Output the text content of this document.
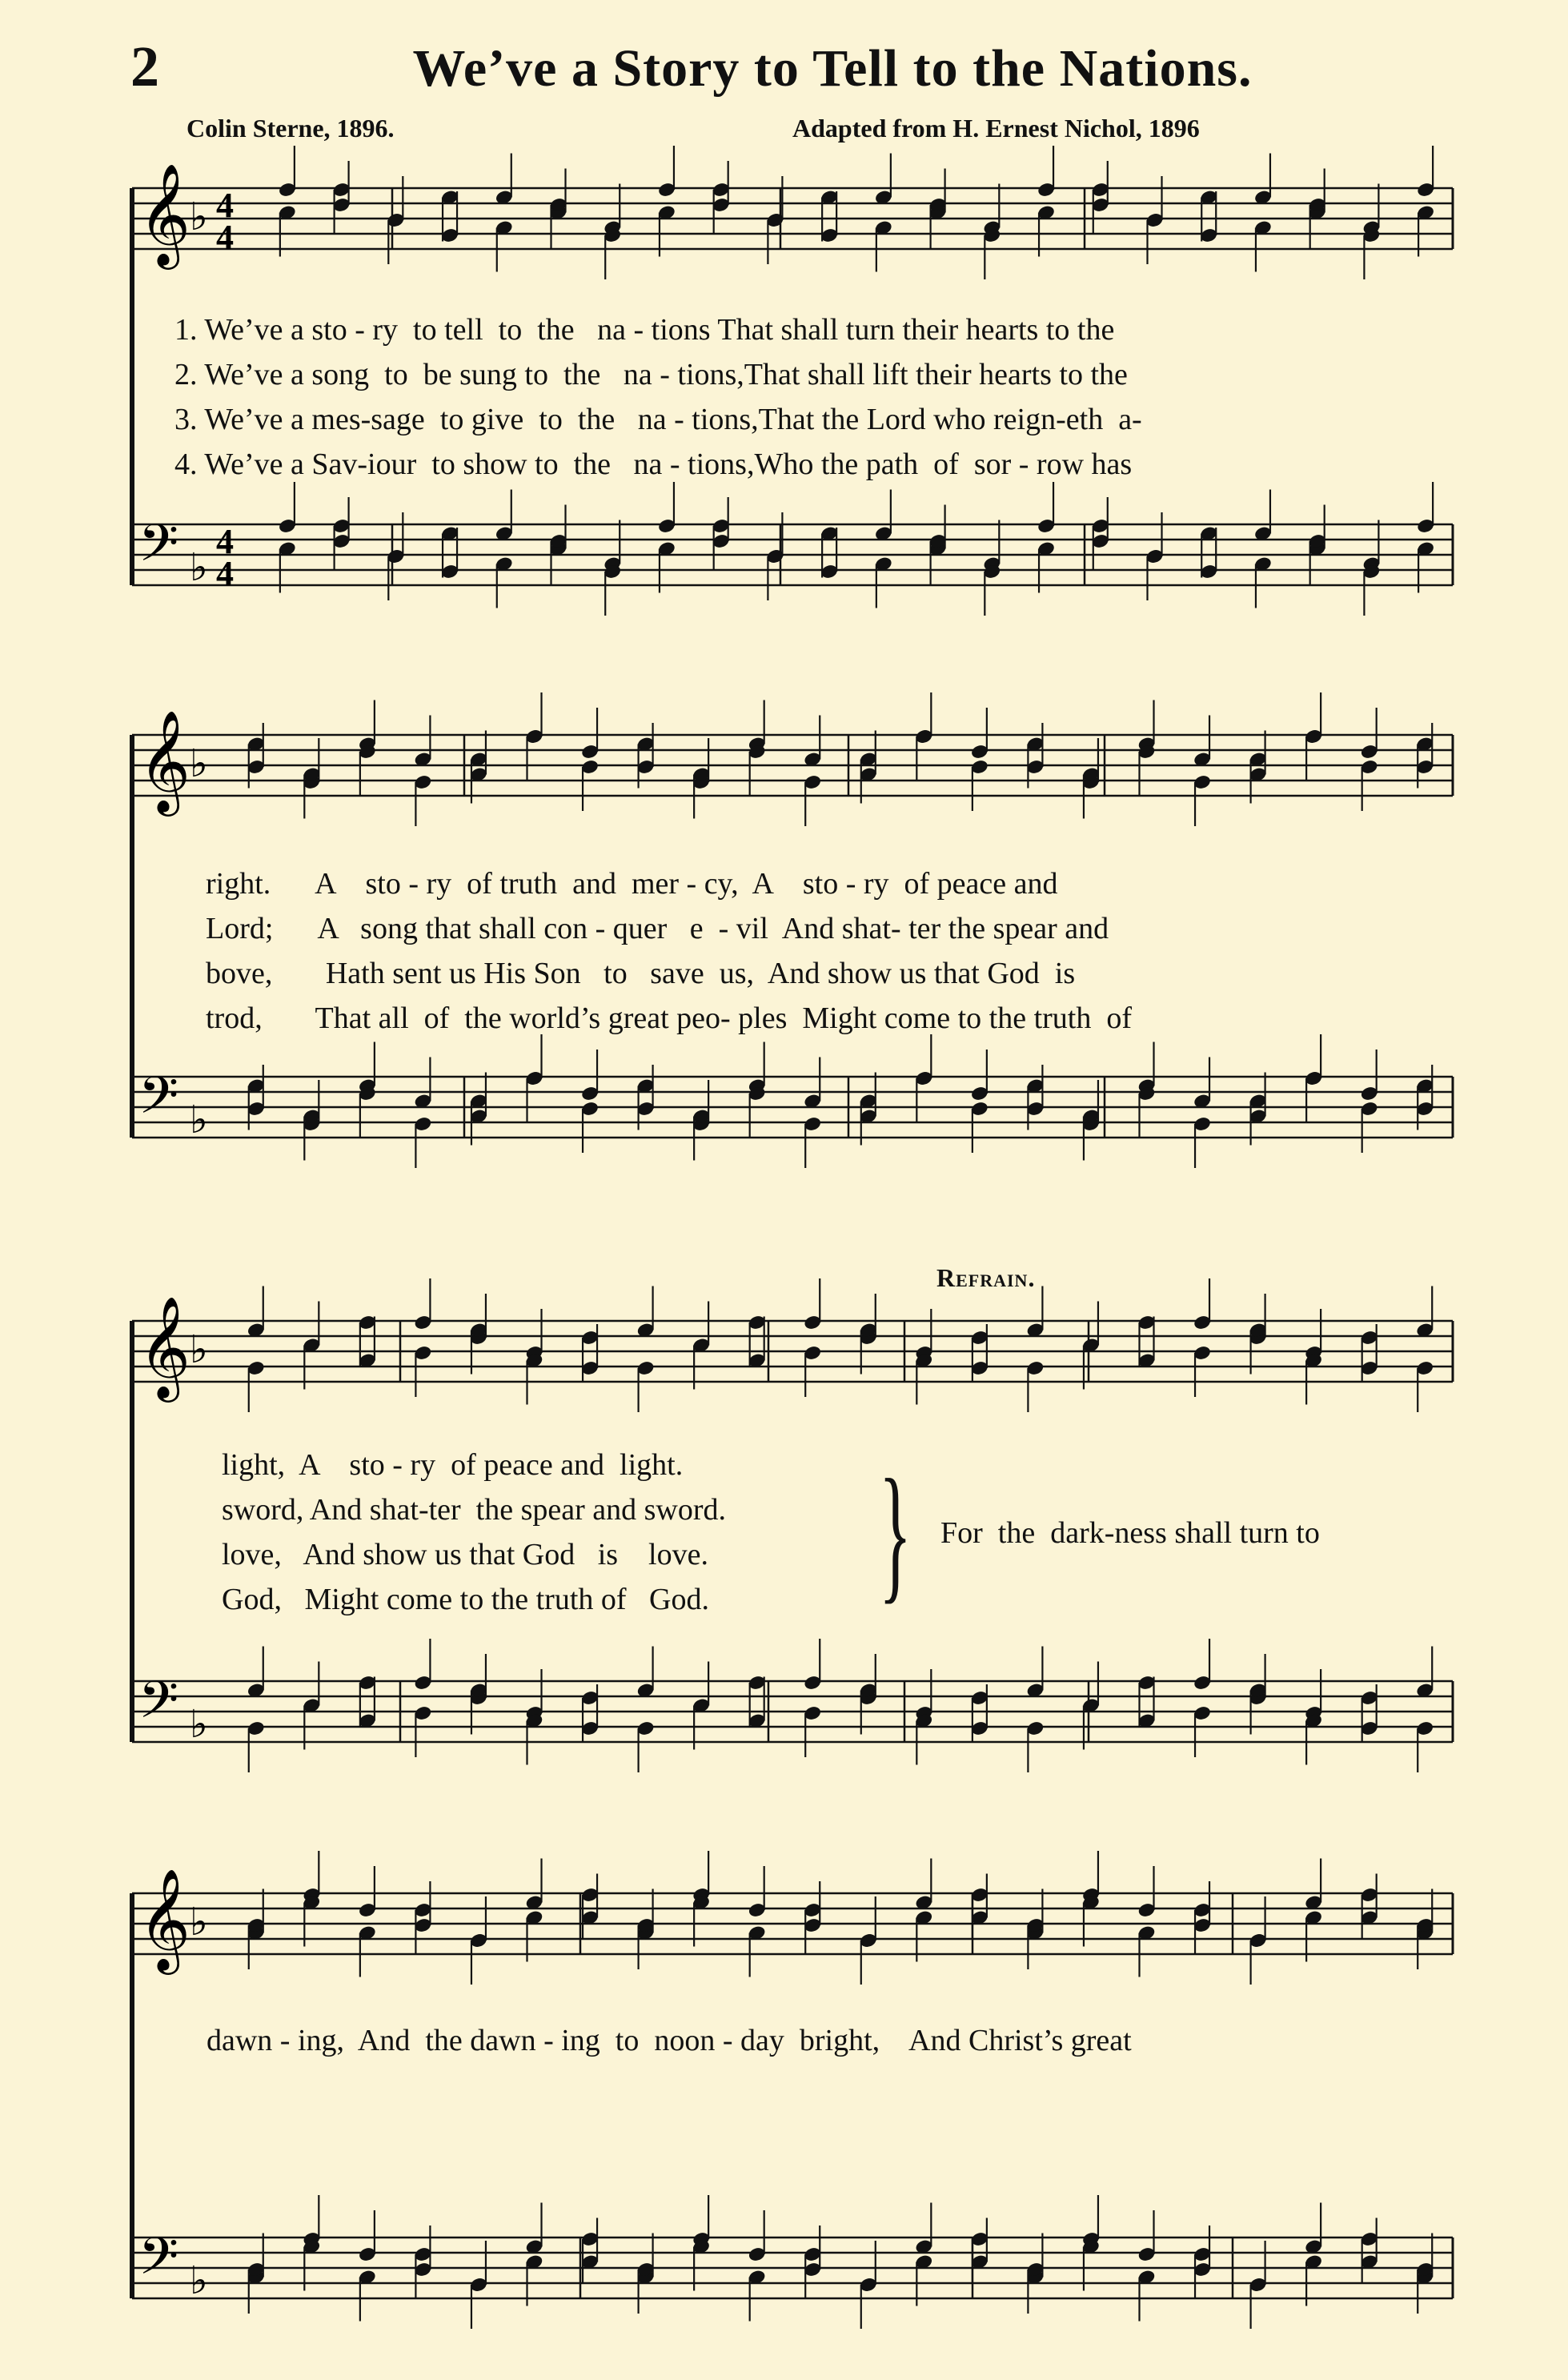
2	We’ve a Story to Tell to the Nations.
Colin Sterne, 1896.	Adapted from H. Ernest Nichol, 1896
𝄞
♭ 4
4
𝄢 ♭
4
4
𝄞
♭
𝄢 ♭
𝄞
♭
𝄢 ♭
𝄞
♭
𝄢 ♭
1. We’ve a sto - ry  to tell  to  the   na - tions That shall turn their hearts to the
2. We’ve a song  to  be sung to  the   na - tions,That shall lift their hearts to the
3. We’ve a mes-sage  to give  to  the   na - tions,That the Lord who reign-eth  a-
4. We’ve a Sav-iour  to show to  the   na - tions,Who the path  of  sor - row has
right.      A    sto - ry  of truth  and  mer - cy,  A    sto - ry  of peace and
Lord;      A   song that shall con - quer   e  - vil  And shat- ter the spear and
bove,       Hath sent us His Son   to   save  us,  And show us that God  is
trod,       That all  of  the world’s great peo- ples  Might come to the truth  of
Refrain.
light,  A    sto - ry  of peace and  light.
sword, And shat-ter  the spear and sword.
love,   And show us that God   is    love.
God,   Might come to the truth of   God. } For  the  dark-ness shall turn to
dawn - ing,  And  the dawn - ing  to  noon - day  bright,    And Christ’s great
